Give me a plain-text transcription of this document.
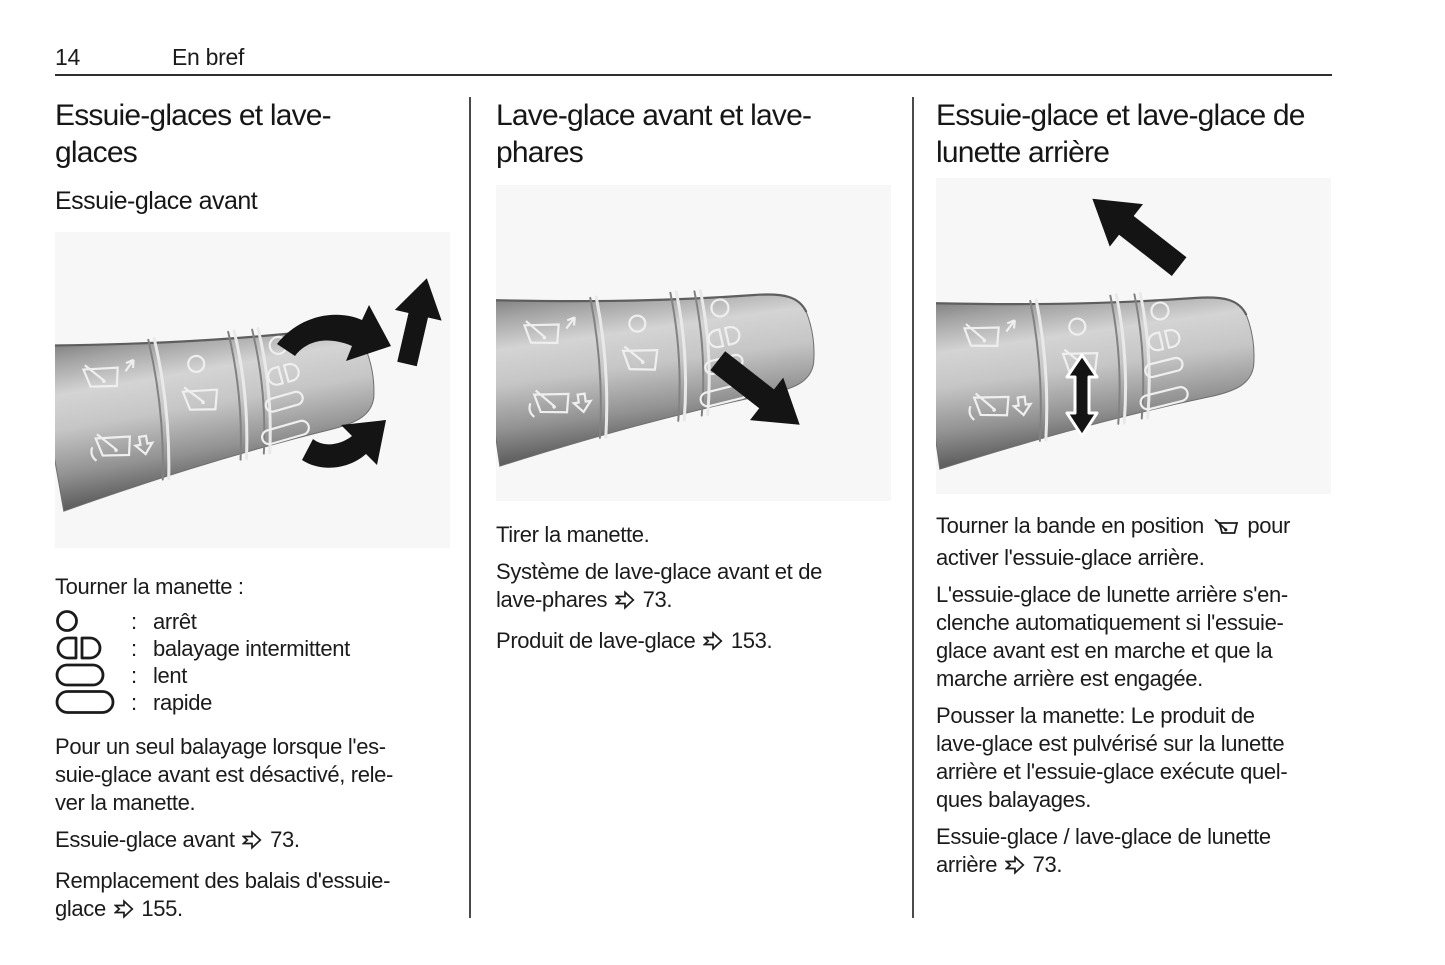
14	En bref
Essuie-glaces et lave-glaces
Essuie-glace avant
Tourner la manette :
: arrêt
: balayage intermittent
: lent
: rapide
Pour un seul balayage lorsque l'es-
suie-glace avant est désactivé, rele-
ver la manette.
Essuie-glace avant  73.
Remplacement des balais d'essuie-
glace  155.
Lave-glace avant et lave-phares
Tirer la manette.
Système de lave-glace avant et de
lave-phares  73.
Produit de lave-glace  153.
Essuie-glace et lave-glace de lunette arrière
Tourner la bande en position  pour
activer l'essuie-glace arrière.
L'essuie-glace de lunette arrière s'en-
clenche automatiquement si l'essuie-
glace avant est en marche et que la
marche arrière est engagée.
Pousser la manette: Le produit de
lave-glace est pulvérisé sur la lunette
arrière et l'essuie-glace exécute quel-
ques balayages.
Essuie-glace / lave-glace de lunette
arrière  73.
